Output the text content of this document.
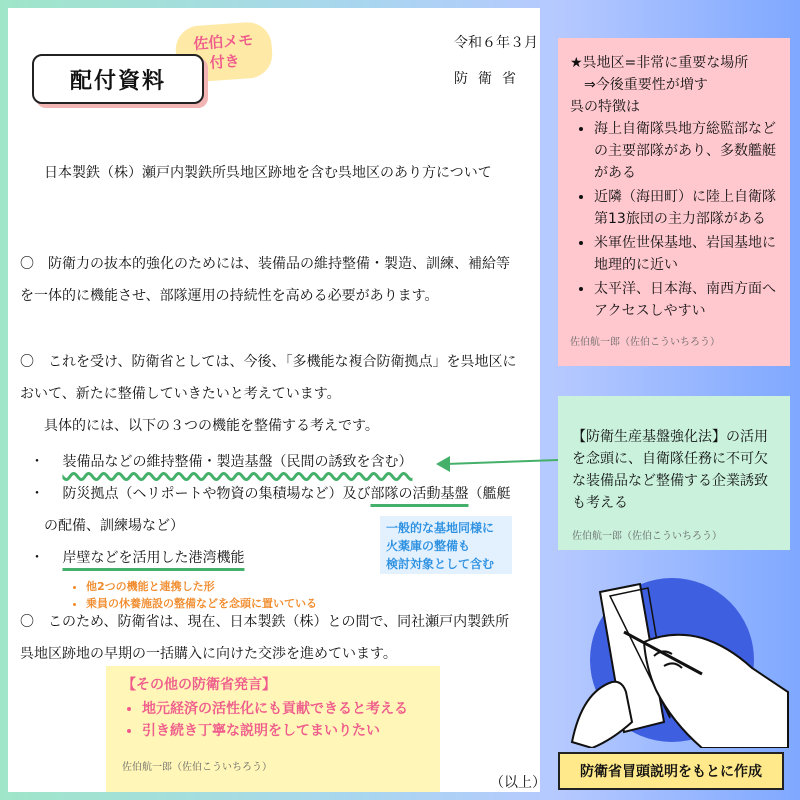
佐伯メモ
付き
配付資料
令和６年３月
防衛省
日本製鉄（株）瀬戸内製鉄所呉地区跡地を含む呉地区のあり方について
〇　防衛力の抜本的強化のためには、装備品の維持整備・製造、訓練、補給等
を一体的に機能させ、部隊運用の持続性を高める必要があります。
〇　これを受け、防衛省としては、今後、「多機能な複合防衛拠点」を呉地区に
おいて、新たに整備していきたいと考えています。
具体的には、以下の３つの機能を整備する考えです。
・ 装備品などの維持整備・製造基盤（民間の誘致を含む）
・ 防災拠点（ヘリポートや物資の集積場など）及び部隊の活動基盤（艦艇
の配備、訓練場など）
・ 岸壁などを活用した港湾機能
一般的な基地同様に
火薬庫の整備も
検討対象として含む
• 他2つの機能と連携した形
• 乗員の休養施設の整備などを念頭に置いている
〇　このため、防衛省は、現在、日本製鉄（株）との間で、同社瀬戸内製鉄所
呉地区跡地の早期の一括購入に向けた交渉を進めています。
【その他の防衛省発言】
• 地元経済の活性化にも貢献できると考える
• 引き続き丁寧な説明をしてまいりたい
佐伯航一郎（佐伯こういちろう）
（以上）
★呉地区=非常に重要な場所
　⇒今後重要性が増す
呉の特徴は
• 海上自衛隊呉地方総監部などの主要部隊があり、多数艦艇がある
• 近隣（海田町）に陸上自衛隊第13旅団の主力部隊がある
• 米軍佐世保基地、岩国基地に地理的に近い
• 太平洋、日本海、南西方面へアクセスしやすい
佐伯航一郎（佐伯こういちろう）
【防衛生産基盤強化法】の活用を念頭に、自衛隊任務に不可欠な装備品など整備する企業誘致も考える
佐伯航一郎（佐伯こういちろう）
防衛省冒頭説明をもとに作成
